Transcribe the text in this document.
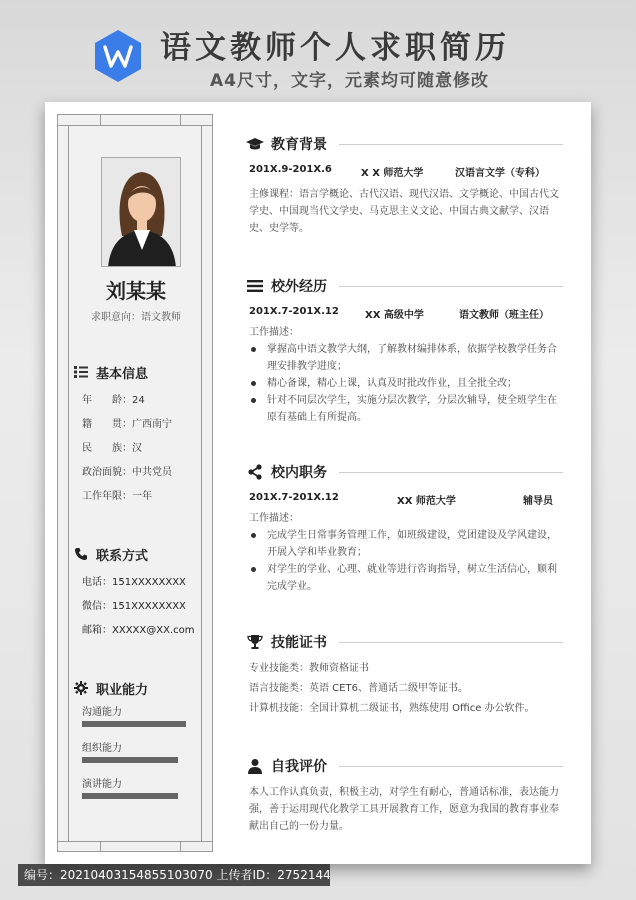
语文教师个人求职简历
A4尺寸，文字，元素均可随意修改
刘某某
求职意向：语文教师
基本信息
年　　龄：24
籍　　贯：广西南宁
民　　族：汉
政治面貌：中共党员
工作年限：一年
联系方式
电话：151XXXXXXXX
微信：151XXXXXXXX
邮箱：XXXXX@XX.com
职业能力
沟通能力
组织能力
演讲能力
教育背景
201X.9-201X.6	X X 师范大学	汉语言文学（专科）
主修课程：语言学概论、古代汉语、现代汉语、文学概论、中国古代文学史、中国现当代文学史、马克思主义文论、中国古典文献学、汉语史、史学等。
校外经历
201X.7-201X.12	XX 高级中学	语文教师（班主任）
工作描述：
掌握高中语文教学大纲，了解教材编排体系，依据学校教学任务合理安排教学进度；
精心备课，精心上课，认真及时批改作业，且全批全改；
针对不同层次学生，实施分层次教学，分层次辅导，使全班学生在原有基础上有所提高。
校内职务
201X.7-201X.12	XX 师范大学	辅导员
工作描述：
完成学生日常事务管理工作，如班级建设，党团建设及学风建设，开展入学和毕业教育；
对学生的学业、心理、就业等进行咨询指导，树立生活信心，顺利完成学业。
技能证书
专业技能类：教师资格证书
语言技能类：英语 CET6、普通话二级甲等证书。
计算机技能：全国计算机二级证书，熟练使用 Office 办公软件。
自我评价
本人工作认真负责，积极主动，对学生有耐心，普通话标准，表达能力强，善于运用现代化教学工具开展教育工作，愿意为我国的教育事业奉献出自己的一份力量。
编号：20210403154855103070 上传者ID：2752144
